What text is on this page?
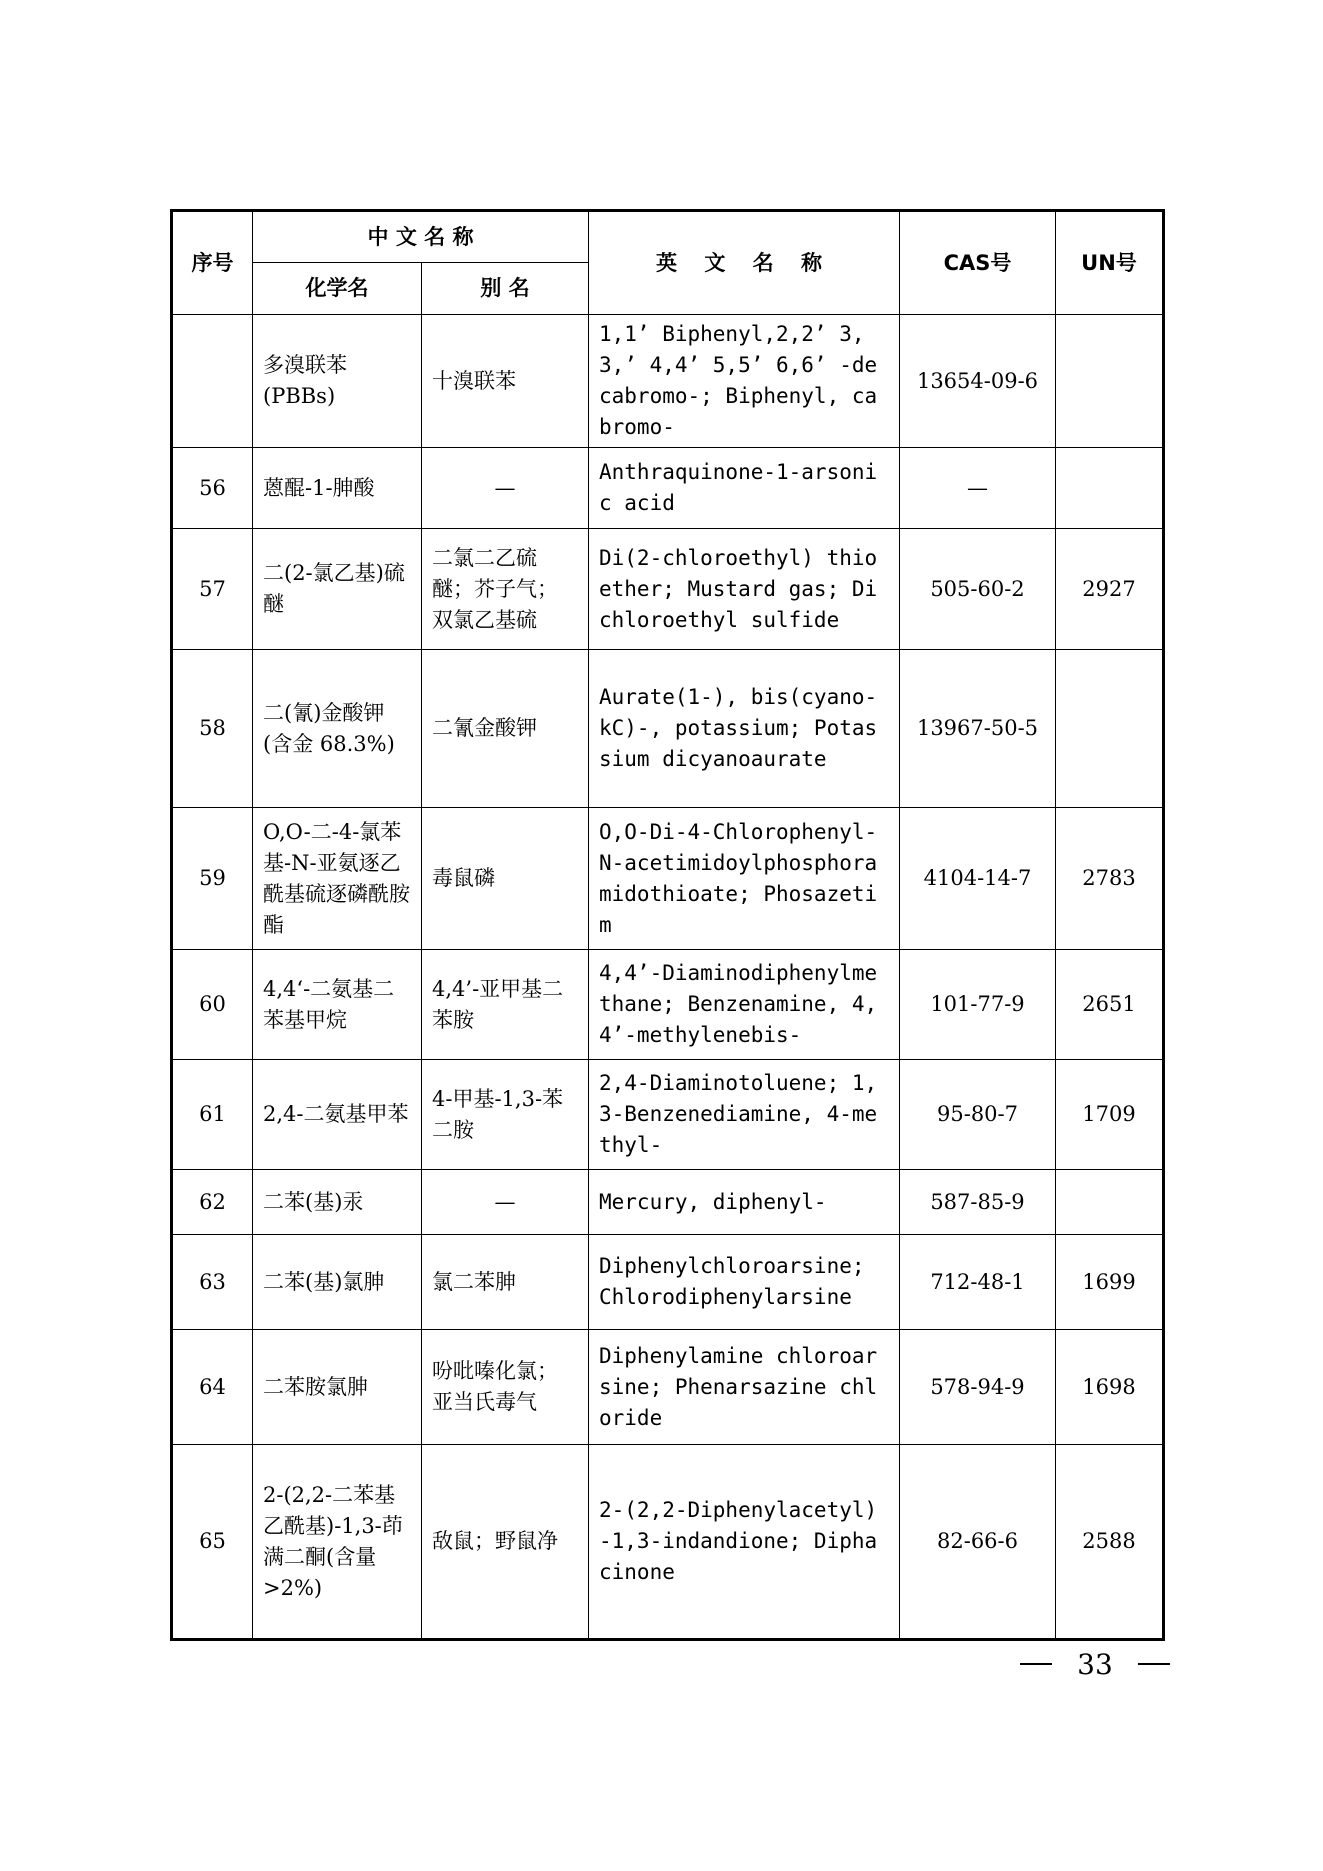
序号	中 文 名 称		英 文 名 称	CAS号	UN号
	化学名	别 名			
	多溴联苯 (PBBs)	十溴联苯	1,1’ Biphenyl,2,2’ 3,3,’ 4,4’ 5,5’ 6,6’ -decabromo-; Biphenyl, cabromo-	13654-09-6	
56	蒽醌-1-胂酸	—	Anthraquinone-1-arsonic acid	—	
57	二(2-氯乙基)硫醚	二氯二乙硫醚；芥子气；双氯乙基硫	Di(2-chloroethyl) thioether; Mustard gas; Dichloroethyl sulfide	505-60-2	2927
58	二(氰)金酸钾 (含金 68.3%)	二氰金酸钾	Aurate(1-), bis(cyano-kC)-, potassium; Potassium dicyanoaurate	13967-50-5	
59	O,O-二-4-氯苯基-N-亚氨逐乙酰基硫逐磷酰胺酯	毒鼠磷	O,O-Di-4-Chlorophenyl-N-acetimidoylphosphoramidothioate; Phosazetim	4104-14-7	2783
60	4,4‘-二氨基二苯基甲烷	4,4’-亚甲基二苯胺	4,4’-Diaminodiphenylmethane; Benzenamine, 4,4’-methylenebis-	101-77-9	2651
61	2,4-二氨基甲苯	4-甲基-1,3-苯二胺	2,4-Diaminotoluene; 1,3-Benzenediamine, 4-methyl-	95-80-7	1709
62	二苯(基)汞	—	Mercury, diphenyl-	587-85-9	
63	二苯(基)氯胂	氯二苯胂	Diphenylchloroarsine; Chlorodiphenylarsine	712-48-1	1699
64	二苯胺氯胂	吩吡嗪化氯；亚当氏毒气	Diphenylamine chloroarsine; Phenarsazine chloride	578-94-9	1698
65	2-(2,2-二苯基乙酰基)-1,3-茚满二酮(含量>2%)	敌鼠；野鼠净	2-(2,2-Diphenylacetyl)-1,3-indandione; Diphacinone	82-66-6	2588
33
